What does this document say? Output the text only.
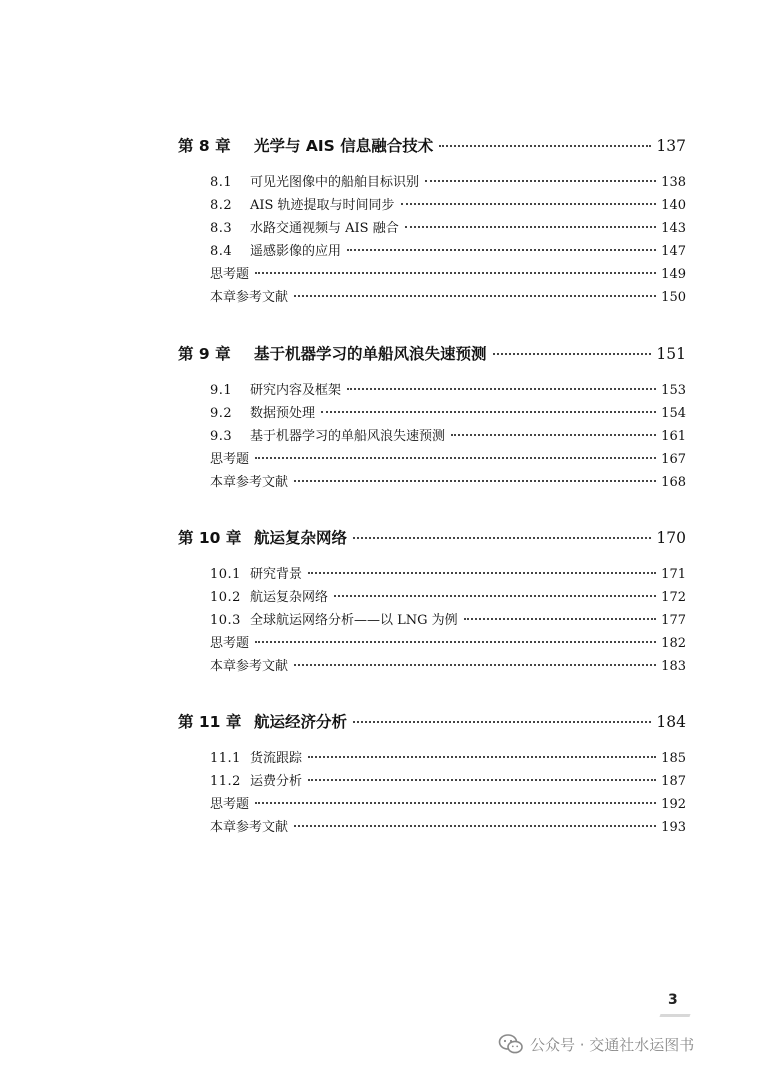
第 8 章	光学与 AIS 信息融合技术	137
8.1	可见光图像中的船舶目标识别	138
8.2	AIS 轨迹提取与时间同步	140
8.3	水路交通视频与 AIS 融合	143
8.4	遥感影像的应用	147
思考题	149
本章参考文献	150
第 9 章	基于机器学习的单船风浪失速预测	151
9.1	研究内容及框架	153
9.2	数据预处理	154
9.3	基于机器学习的单船风浪失速预测	161
思考题	167
本章参考文献	168
第 10 章 航运复杂网络	170
10.1 研究背景	171
10.2 航运复杂网络	172
10.3 全球航运网络分析——以 LNG 为例	177
思考题	182
本章参考文献	183
第 11 章 航运经济分析	184
11.1 货流跟踪	185
11.2 运费分析	187
思考题	192
本章参考文献	193
3
公众号 · 交通社水运图书
